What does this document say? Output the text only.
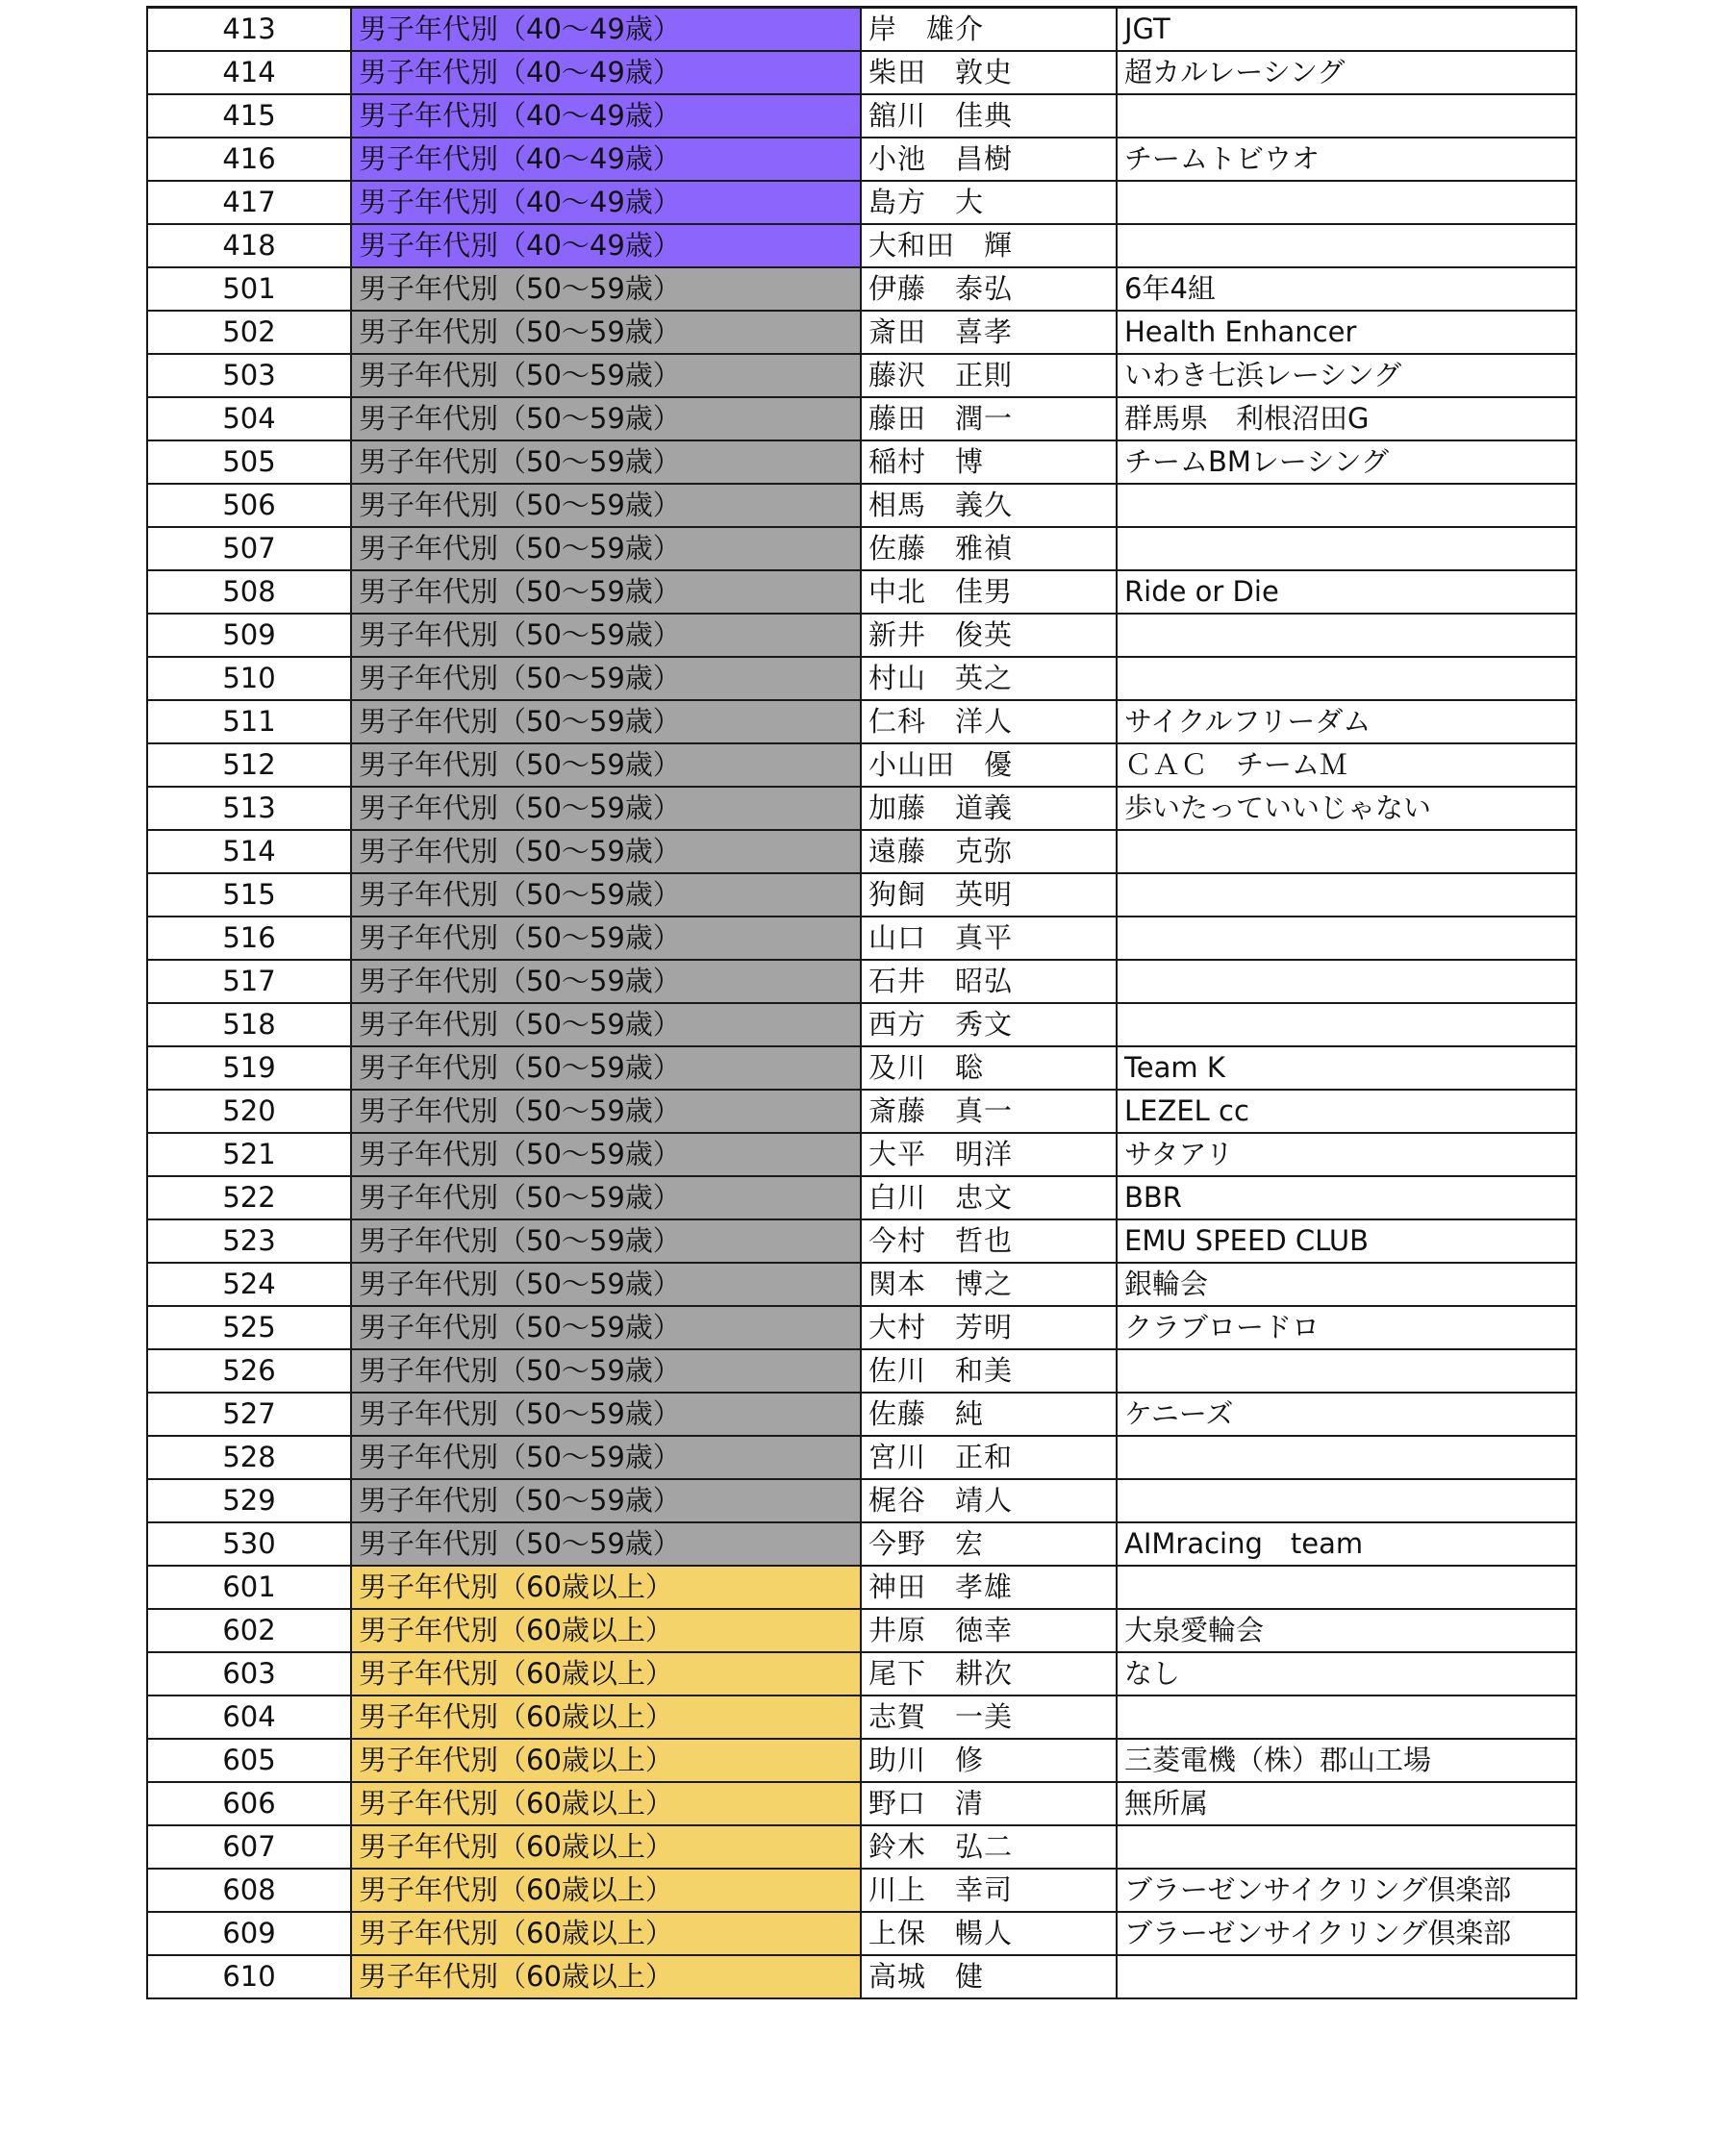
413	男子年代別（40〜49歳）	岸　雄介	JGT
414	男子年代別（40〜49歳）	柴田　敦史	超カルレーシング
415	男子年代別（40〜49歳）	舘川　佳典	
416	男子年代別（40〜49歳）	小池　昌樹	チームトビウオ
417	男子年代別（40〜49歳）	島方　大	
418	男子年代別（40〜49歳）	大和田　輝	
501	男子年代別（50〜59歳）	伊藤　泰弘	6年4組
502	男子年代別（50〜59歳）	斎田　喜孝	Health Enhancer
503	男子年代別（50〜59歳）	藤沢　正則	いわき七浜レーシング
504	男子年代別（50〜59歳）	藤田　潤一	群馬県　利根沼田G
505	男子年代別（50〜59歳）	稲村　博	チームBMレーシング
506	男子年代別（50〜59歳）	相馬　義久	
507	男子年代別（50〜59歳）	佐藤　雅禎	
508	男子年代別（50〜59歳）	中北　佳男	Ride or Die
509	男子年代別（50〜59歳）	新井　俊英	
510	男子年代別（50〜59歳）	村山　英之	
511	男子年代別（50〜59歳）	仁科　洋人	サイクルフリーダム
512	男子年代別（50〜59歳）	小山田　優	ＣＡＣ　チームＭ
513	男子年代別（50〜59歳）	加藤　道義	歩いたっていいじゃない
514	男子年代別（50〜59歳）	遠藤　克弥	
515	男子年代別（50〜59歳）	狗飼　英明	
516	男子年代別（50〜59歳）	山口　真平	
517	男子年代別（50〜59歳）	石井　昭弘	
518	男子年代別（50〜59歳）	西方　秀文	
519	男子年代別（50〜59歳）	及川　聡	Team K
520	男子年代別（50〜59歳）	斎藤　真一	LEZEL cc
521	男子年代別（50〜59歳）	大平　明洋	サタアリ
522	男子年代別（50〜59歳）	白川　忠文	BBR
523	男子年代別（50〜59歳）	今村　哲也	EMU SPEED CLUB
524	男子年代別（50〜59歳）	関本　博之	銀輪会
525	男子年代別（50〜59歳）	大村　芳明	クラブロードロ
526	男子年代別（50〜59歳）	佐川　和美	
527	男子年代別（50〜59歳）	佐藤　純	ケニーズ
528	男子年代別（50〜59歳）	宮川　正和	
529	男子年代別（50〜59歳）	梶谷　靖人	
530	男子年代別（50〜59歳）	今野　宏	AIMracing　team
601	男子年代別（60歳以上）	神田　孝雄	
602	男子年代別（60歳以上）	井原　徳幸	大泉愛輪会
603	男子年代別（60歳以上）	尾下　耕次	なし
604	男子年代別（60歳以上）	志賀　一美	
605	男子年代別（60歳以上）	助川　修	三菱電機（株）郡山工場
606	男子年代別（60歳以上）	野口　清	無所属
607	男子年代別（60歳以上）	鈴木　弘二	
608	男子年代別（60歳以上）	川上　幸司	ブラーゼンサイクリング倶楽部
609	男子年代別（60歳以上）	上保　暢人	ブラーゼンサイクリング倶楽部
610	男子年代別（60歳以上）	高城　健	
